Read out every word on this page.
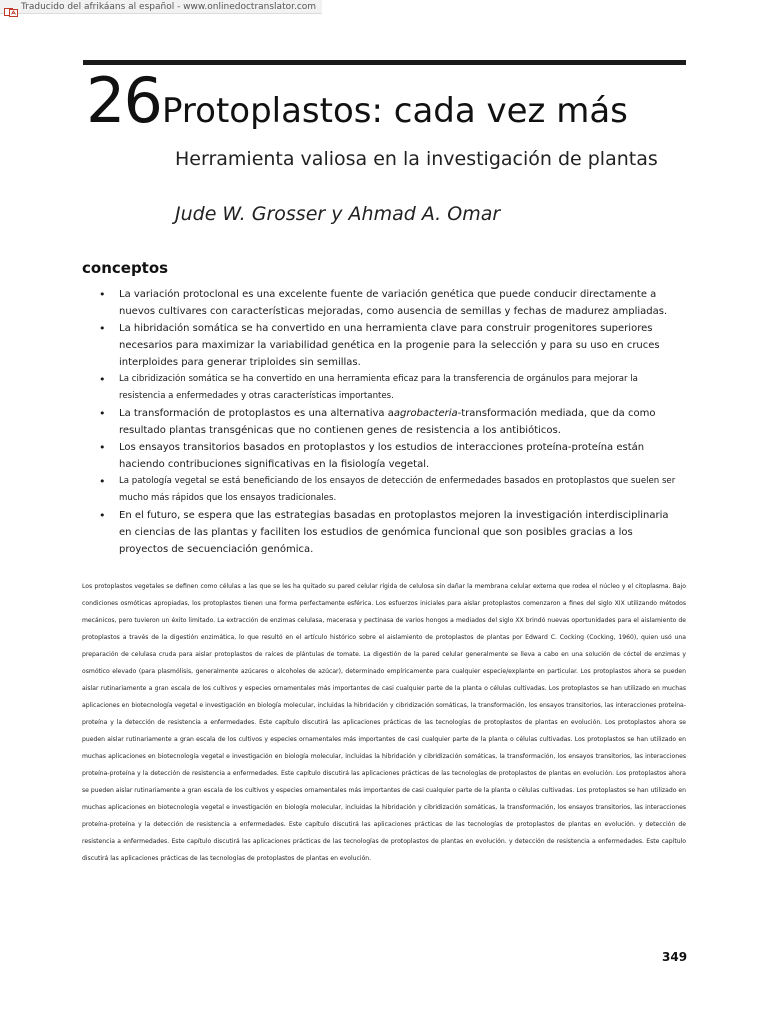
Traducido del afrikáans al español - www.onlinedoctranslator.com
26 Protoplastos: cada vez más
Herramienta valiosa en la investigación de plantas
Jude W. Grosser y Ahmad A. Omar
conceptos
• La variación protoclonal es una excelente fuente de variación genética que puede conducir directamente a nuevos cultivares con características mejoradas, como ausencia de semillas y fechas de madurez ampliadas.
• La hibridación somática se ha convertido en una herramienta clave para construir progenitores superiores necesarios para maximizar la variabilidad genética en la progenie para la selección y para su uso en cruces interploides para generar triploides sin semillas.
• La cibridización somática se ha convertido en una herramienta eficaz para la transferencia de orgánulos para mejorar la resistencia a enfermedades y otras características importantes.
• La transformación de protoplastos es una alternativa aagrobacteria-transformación mediada, que da como resultado plantas transgénicas que no contienen genes de resistencia a los antibióticos.
• Los ensayos transitorios basados en protoplastos y los estudios de interacciones proteína-proteína están haciendo contribuciones significativas en la fisiología vegetal.
• La patología vegetal se está beneficiando de los ensayos de detección de enfermedades basados en protoplastos que suelen ser mucho más rápidos que los ensayos tradicionales.
• En el futuro, se espera que las estrategias basadas en protoplastos mejoren la investigación interdisciplinaria en ciencias de las plantas y faciliten los estudios de genómica funcional que son posibles gracias a los proyectos de secuenciación genómica.

Los protoplastos vegetales se definen como células a las que se les ha quitado su pared celular rígida de celulosa sin dañar la membrana celular externa que rodea el núcleo y el citoplasma. Bajo condiciones osmóticas apropiadas, los protoplastos tienen una forma perfectamente esférica. Los esfuerzos iniciales para aislar protoplastos comenzaron a fines del siglo XIX utilizando métodos mecánicos, pero tuvieron un éxito limitado. La extracción de enzimas celulasa, macerasa y pectinasa de varios hongos a mediados del siglo XX brindó nuevas oportunidades para el aislamiento de protoplastos a través de la digestión enzimática, lo que resultó en el artículo histórico sobre el aislamiento de protoplastos de plantas por Edward C. Cocking (Cocking, 1960), quien usó una preparación de celulasa cruda para aislar protoplastos de raíces de plántulas de tomate. La digestión de la pared celular generalmente se lleva a cabo en una solución de cóctel de enzimas y osmótico elevado (para plasmólisis, generalmente azúcares o alcoholes de azúcar), determinado empíricamente para cualquier especie/explante en particular. Los protoplastos ahora se pueden aislar rutinariamente a gran escala de los cultivos y especies ornamentales más importantes de casi cualquier parte de la planta o células cultivadas. Los protoplastos se han utilizado en muchas aplicaciones en biotecnología vegetal e investigación en biología molecular, incluidas la hibridación y cibridización somáticas, la transformación, los ensayos transitorios, las interacciones proteína-proteína y la detección de resistencia a enfermedades. Este capítulo discutirá las aplicaciones prácticas de las tecnologías de protoplastos de plantas en evolución. Los protoplastos ahora se pueden aislar rutinariamente a gran escala de los cultivos y especies ornamentales más importantes de casi cualquier parte de la planta o células cultivadas. Los protoplastos se han utilizado en muchas aplicaciones en biotecnología vegetal e investigación en biología molecular, incluidas la hibridación y cibridización somáticas, la transformación, los ensayos transitorios, las interacciones proteína-proteína y la detección de resistencia a enfermedades. Este capítulo discutirá las aplicaciones prácticas de las tecnologías de protoplastos de plantas en evolución. Los protoplastos ahora se pueden aislar rutinariamente a gran escala de los cultivos y especies ornamentales más importantes de casi cualquier parte de la planta o células cultivadas. Los protoplastos se han utilizado en muchas aplicaciones en biotecnología vegetal e investigación en biología molecular, incluidas la hibridación y cibridización somáticas, la transformación, los ensayos transitorios, las interacciones proteína-proteína y la detección de resistencia a enfermedades. Este capítulo discutirá las aplicaciones prácticas de las tecnologías de protoplastos de plantas en evolución. y detección de resistencia a enfermedades. Este capítulo discutirá las aplicaciones prácticas de las tecnologías de protoplastos de plantas en evolución. y detección de resistencia a enfermedades. Este capítulo discutirá las aplicaciones prácticas de las tecnologías de protoplastos de plantas en evolución.

349
